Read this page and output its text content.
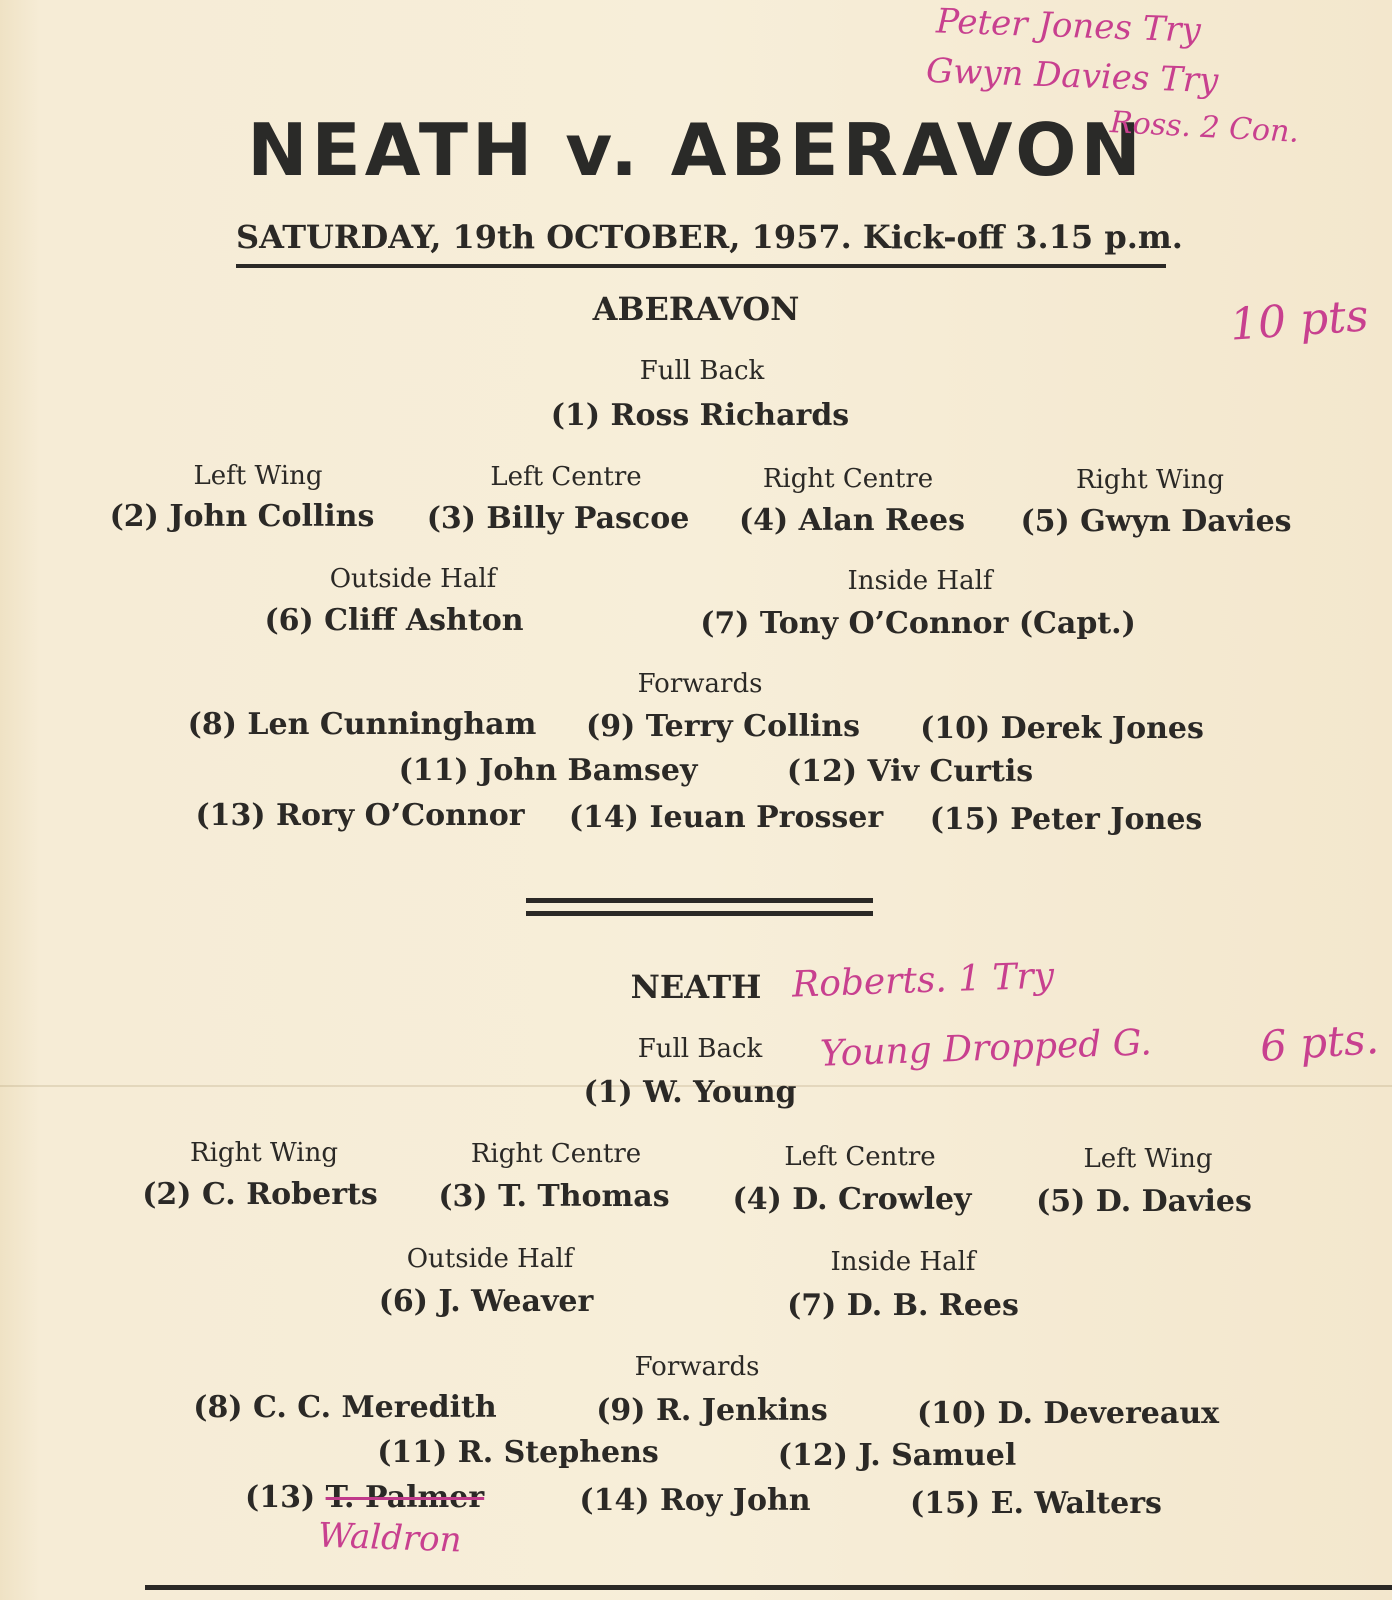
NEATH v. ABERAVON
SATURDAY, 19th OCTOBER, 1957. Kick-off 3.15 p.m.
ABERAVON
Full Back
(1) Ross Richards
Left Wing	Left Centre	Right Centre	Right Wing
(2) John Collins (3) Billy Pascoe (4) Alan Rees (5) Gwyn Davies
Outside Half	Inside Half
(6) Cliff Ashton	(7) Tony O’Connor (Capt.)
Forwards
(8) Len Cunningham (9) Terry Collins (10) Derek Jones
(11) John Bamsey	(12) Viv Curtis
(13) Rory O’Connor (14) Ieuan Prosser (15) Peter Jones
NEATH
Full Back
(1) W. Young
Right Wing	Right Centre	Left Centre	Left Wing
(2) C. Roberts (3) T. Thomas (4) D. Crowley (5) D. Davies
Outside Half	Inside Half
(6) J. Weaver	(7) D. B. Rees
Forwards
(8) C. C. Meredith	(9) R. Jenkins	(10) D. Devereaux
(11) R. Stephens	(12) J. Samuel
(13) T. Palmer	(14) Roy John	(15) E. Walters
Peter Jones Try
Gwyn Davies Try
Ross. 2 Con.
10 pts
Roberts. 1 Try
Young Dropped G.	6 pts.
Waldron
